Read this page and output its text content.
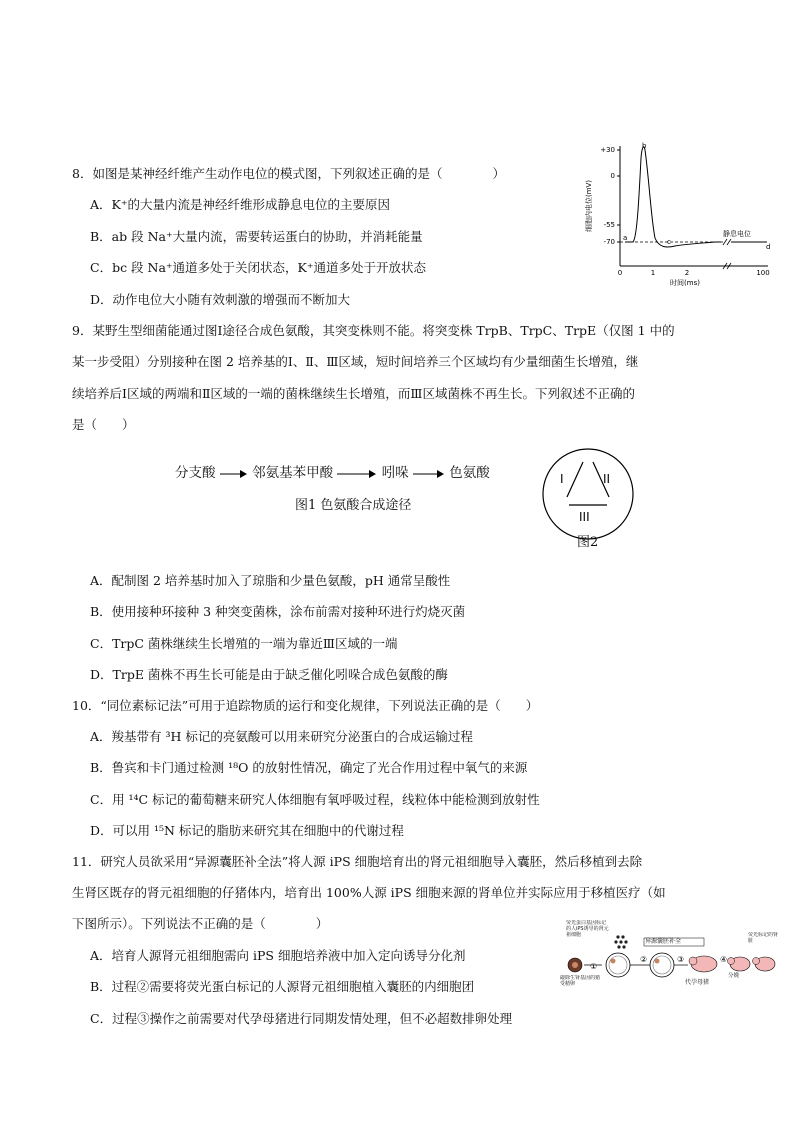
8．如图是某神经纤维产生动作电位的模式图，下列叙述正确的是（　　　　）
A．K⁺的大量内流是神经纤维形成静息电位的主要原因
B．ab 段 Na⁺大量内流，需要转运蛋白的协助，并消耗能量
C．bc 段 Na⁺通道多处于关闭状态，K⁺通道多处于开放状态
D．动作电位大小随有效刺激的增强而不断加大
+30
0
-55
-70
细胞内电位(mV)
a
b
c
d
静息电位
0	1	2	100
时间(ms)
9．某野生型细菌能通过图Ⅰ途径合成色氨酸，其突变株则不能。将突变株 TrpB、TrpC、TrpE（仅图 1 中的
某一步受阻）分别接种在图 2 培养基的Ⅰ、Ⅱ、Ⅲ区域，短时间培养三个区域均有少量细菌生长增殖，继
续培养后Ⅰ区域的两端和Ⅱ区域的一端的菌株继续生长增殖，而Ⅲ区域菌株不再生长。下列叙述不正确的
是（　　）
分支酸	邻氨基苯甲酸	吲哚	色氨酸
图1 色氨酸合成途径
I	II
III
图2
A．配制图 2 培养基时加入了琼脂和少量色氨酸，pH 通常呈酸性
B．使用接种环接种 3 种突变菌株，涂布前需对接种环进行灼烧灭菌
C．TrpC 菌株继续生长增殖的一端为靠近Ⅲ区域的一端
D．TrpE 菌株不再生长可能是由于缺乏催化吲哚合成色氨酸的酶
10．“同位素标记法”可用于追踪物质的运行和变化规律，下列说法正确的是（　　）
A．羧基带有 ³H 标记的亮氨酸可以用来研究分泌蛋白的合成运输过程
B．鲁宾和卡门通过检测 ¹⁸O 的放射性情况，确定了光合作用过程中氧气的来源
C．用 ¹⁴C 标记的葡萄糖来研究人体细胞有氧呼吸过程，线粒体中能检测到放射性
D．可以用 ¹⁵N 标记的脂肪来研究其在细胞中的代谢过程
11．研究人员欲采用“异源囊胚补全法”将人源 iPS 细胞培育出的肾元祖细胞导入囊胚，然后移植到去除
生肾区既存的肾元祖细胞的仔猪体内，培育出 100%人源 iPS 细胞来源的肾单位并实际应用于移植医疗（如
下图所示）。下列说法不正确的是（　　　　）
A．培育人源肾元祖细胞需向 iPS 细胞培养液中加入定向诱导分化剂
B．过程②需要将荧光蛋白标记的人源肾元祖细胞植入囊胚的内细胞团
C．过程③操作之前需要对代孕母猪进行同期发情处理，但不必超数排卵处理
荧光蛋白基因标记的人iPS诱导的肾元祖细胞
①
敲除生肾基因的猪受精卵
②
异源囊胚补全
③	④
分娩
代孕母猪
荧光标记的肾脏
